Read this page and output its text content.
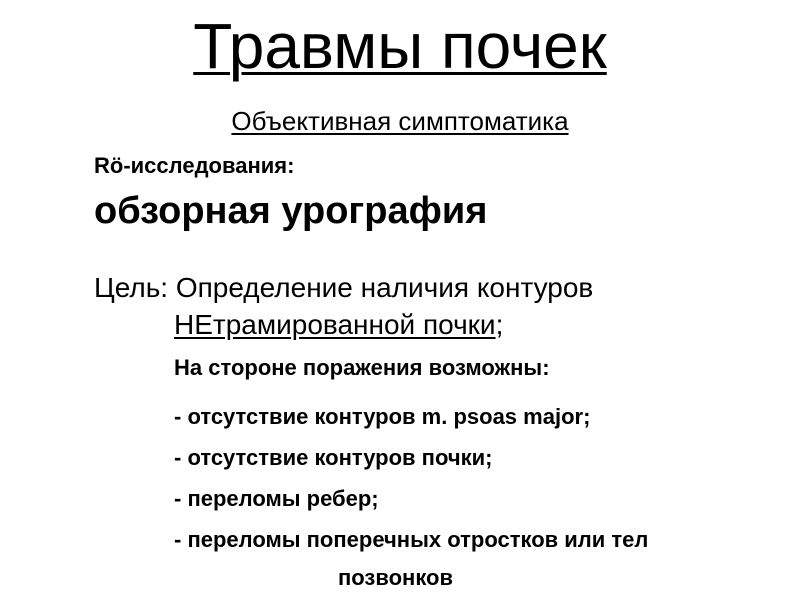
Травмы почек
Объективная симптоматика
Rö-исследования:
обзорная урография
Цель: Определение наличия контуров
НЕтрамированной почки;
На стороне поражения возможны:
- отсутствие контуров m. psoas major;
- отсутствие контуров почки;
- переломы ребер;
- переломы поперечных отростков или тел
позвонков
